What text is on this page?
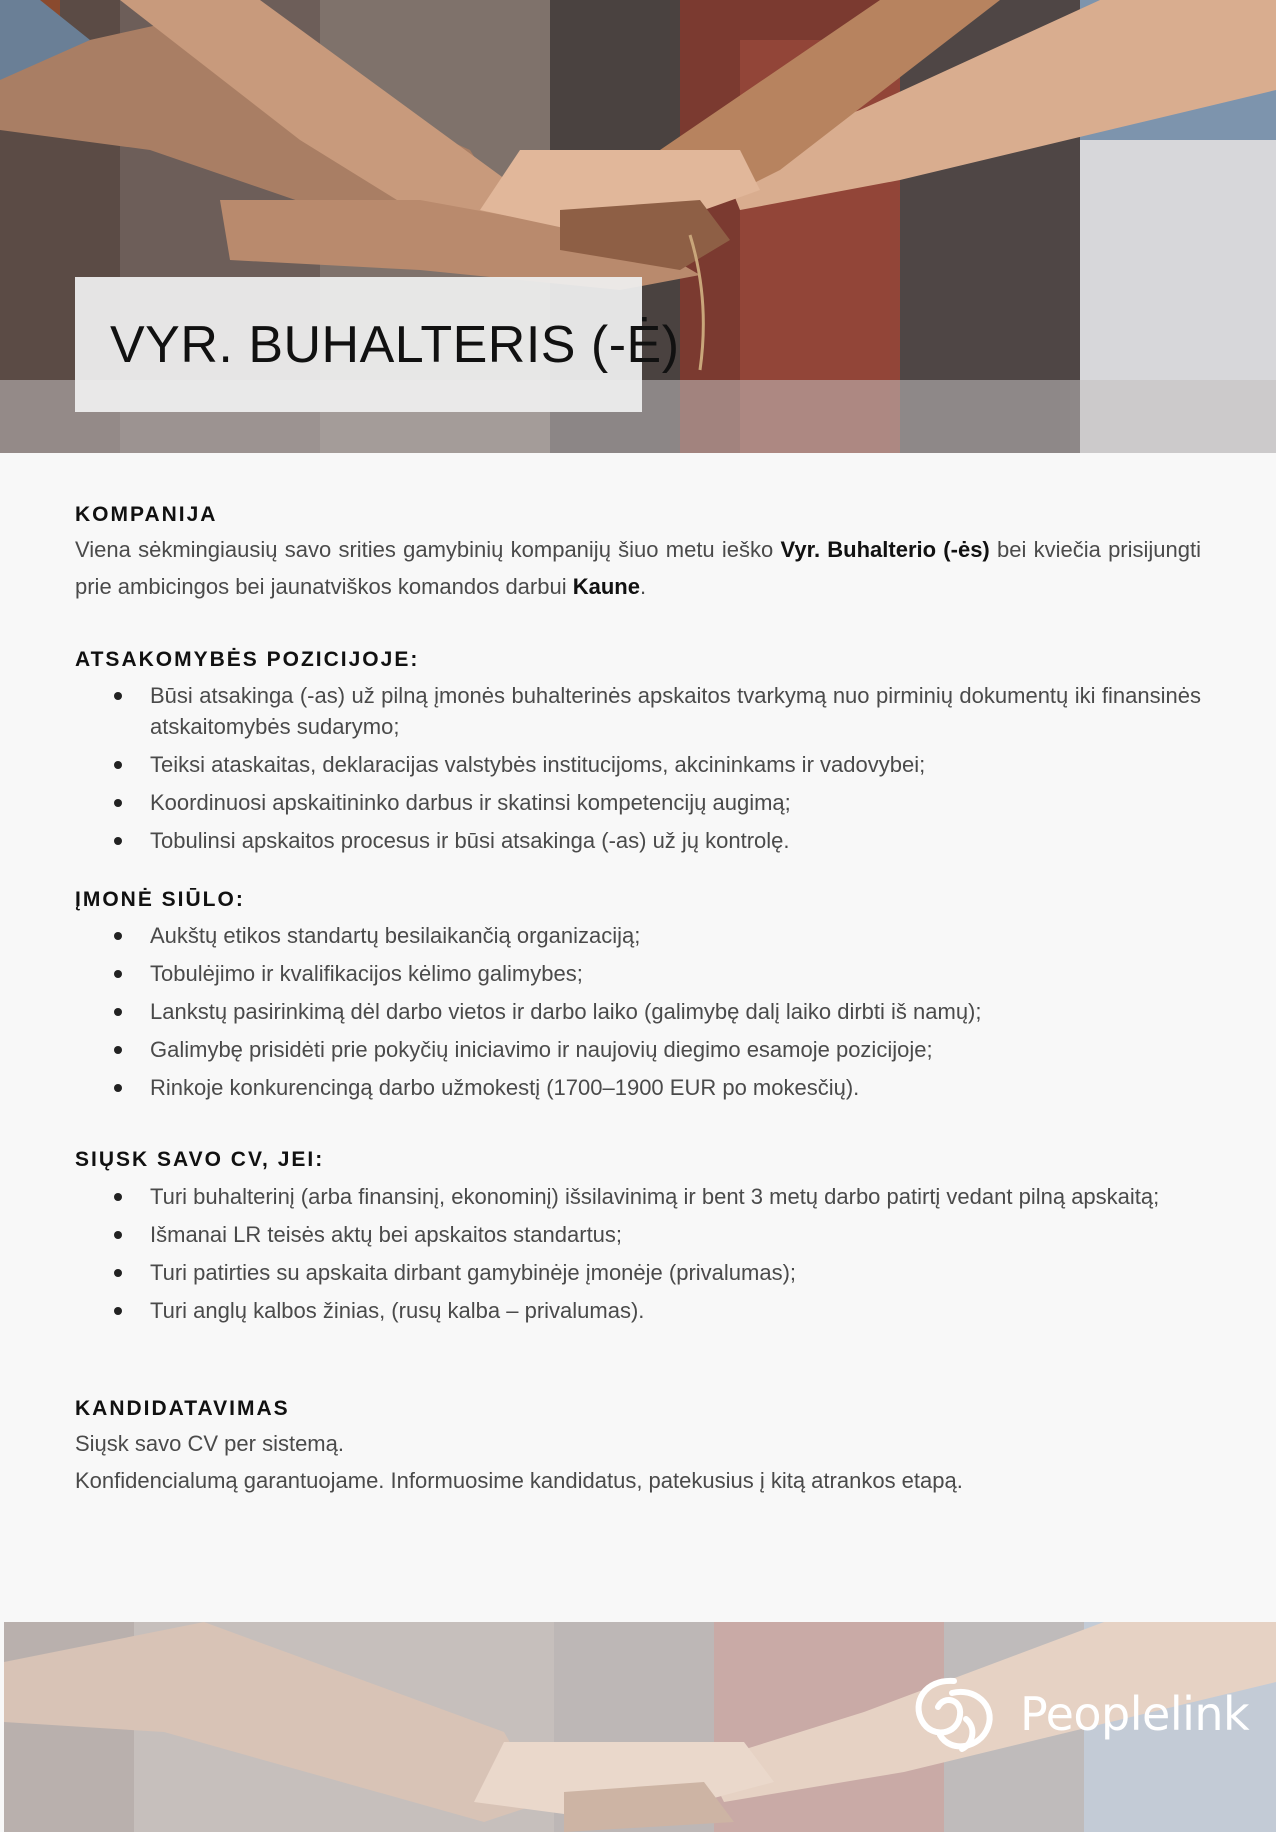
VYR. BUHALTERIS (-Ė)
KOMPANIJA

Viena sėkmingiausių savo srities gamybinių kompanijų šiuo metu ieško Vyr. Buhalterio (-ės) bei kviečia prisijungti prie ambicingos bei jaunatviškos komandos darbui Kaune.

ATSAKOMYBĖS POZICIJOJE:
Būsi atsakinga (-as) už pilną įmonės buhalterinės apskaitos tvarkymą nuo pirminių dokumentų iki finansinės atskaitomybės sudarymo;
Teiksi ataskaitas, deklaracijas valstybės institucijoms, akcininkams ir vadovybei;
Koordinuosi apskaitininko darbus ir skatinsi kompetencijų augimą;
Tobulinsi apskaitos procesus ir būsi atsakinga (-as) už jų kontrolę.
ĮMONĖ SIŪLO:
Aukštų etikos standartų besilaikančią organizaciją;
Tobulėjimo ir kvalifikacijos kėlimo galimybes;
Lankstų pasirinkimą dėl darbo vietos ir darbo laiko (galimybę dalį laiko dirbti iš namų);
Galimybę prisidėti prie pokyčių iniciavimo ir naujovių diegimo esamoje pozicijoje;
Rinkoje konkurencingą darbo užmokestį (1700–1900 EUR po mokesčių).
SIŲSK SAVO CV, JEI:
Turi buhalterinį (arba finansinį, ekonominį) išsilavinimą ir bent 3 metų darbo patirtį vedant pilną apskaitą;
Išmanai LR teisės aktų bei apskaitos standartus;
Turi patirties su apskaita dirbant gamybinėje įmonėje (privalumas);
Turi anglų kalbos žinias, (rusų kalba – privalumas).
KANDIDATAVIMAS

Siųsk savo CV per sistemą.

Konfidencialumą garantuojame. Informuosime kandidatus, patekusius į kitą atrankos etapą.

Peoplelink
